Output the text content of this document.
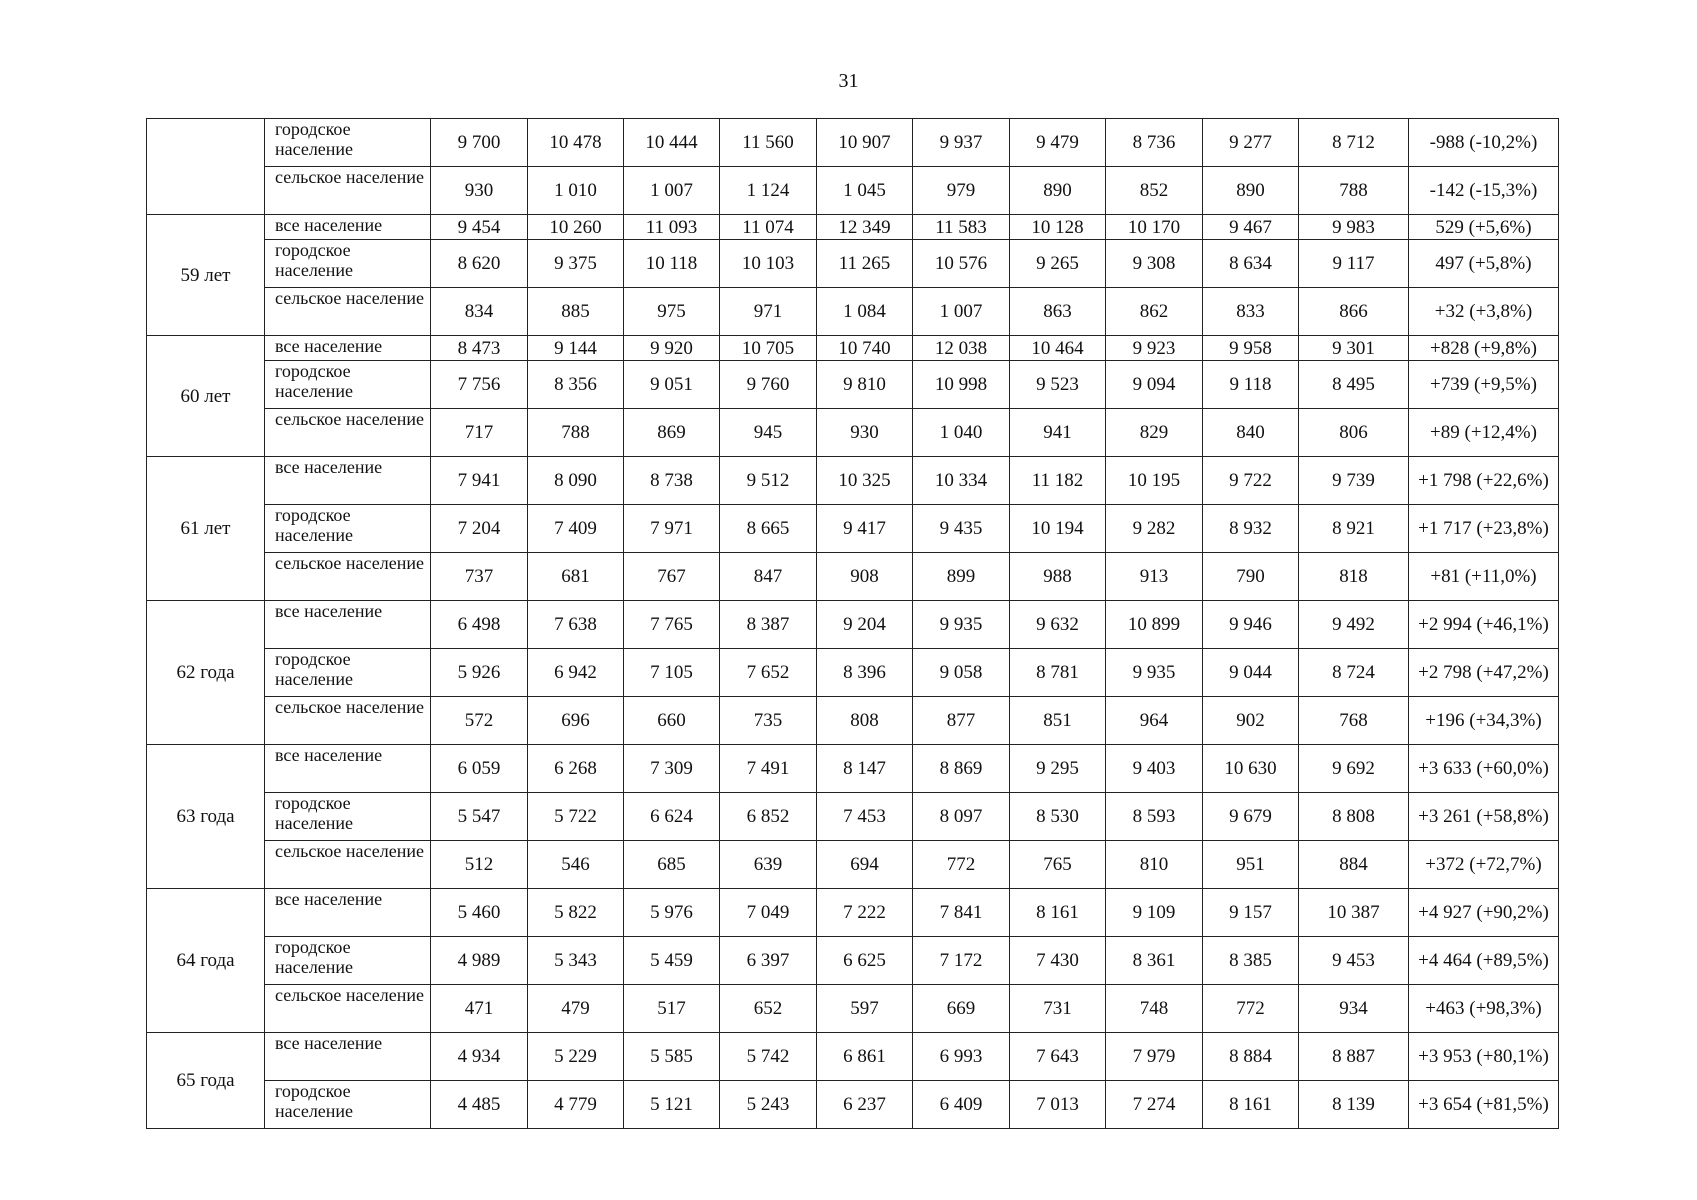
31
	городское население	9 700	10 478	10 444	11 560	10 907	9 937	9 479	8 736	9 277	8 712	-988 (-10,2%)
	сельское население	930	1 010	1 007	1 124	1 045	979	890	852	890	788	-142 (-15,3%)
59 лет	все население	9 454	10 260	11 093	11 074	12 349	11 583	10 128	10 170	9 467	9 983	529 (+5,6%)
	городское население	8 620	9 375	10 118	10 103	11 265	10 576	9 265	9 308	8 634	9 117	497 (+5,8%)
	сельское население	834	885	975	971	1 084	1 007	863	862	833	866	+32 (+3,8%)
60 лет	все население	8 473	9 144	9 920	10 705	10 740	12 038	10 464	9 923	9 958	9 301	+828 (+9,8%)
	городское население	7 756	8 356	9 051	9 760	9 810	10 998	9 523	9 094	9 118	8 495	+739 (+9,5%)
	сельское население	717	788	869	945	930	1 040	941	829	840	806	+89 (+12,4%)
61 лет	все население	7 941	8 090	8 738	9 512	10 325	10 334	11 182	10 195	9 722	9 739	+1 798 (+22,6%)
	городское население	7 204	7 409	7 971	8 665	9 417	9 435	10 194	9 282	8 932	8 921	+1 717 (+23,8%)
	сельское население	737	681	767	847	908	899	988	913	790	818	+81 (+11,0%)
62 года	все население	6 498	7 638	7 765	8 387	9 204	9 935	9 632	10 899	9 946	9 492	+2 994 (+46,1%)
	городское население	5 926	6 942	7 105	7 652	8 396	9 058	8 781	9 935	9 044	8 724	+2 798 (+47,2%)
	сельское население	572	696	660	735	808	877	851	964	902	768	+196 (+34,3%)
63 года	все население	6 059	6 268	7 309	7 491	8 147	8 869	9 295	9 403	10 630	9 692	+3 633 (+60,0%)
	городское население	5 547	5 722	6 624	6 852	7 453	8 097	8 530	8 593	9 679	8 808	+3 261 (+58,8%)
	сельское население	512	546	685	639	694	772	765	810	951	884	+372 (+72,7%)
64 года	все население	5 460	5 822	5 976	7 049	7 222	7 841	8 161	9 109	9 157	10 387	+4 927 (+90,2%)
	городское население	4 989	5 343	5 459	6 397	6 625	7 172	7 430	8 361	8 385	9 453	+4 464 (+89,5%)
	сельское население	471	479	517	652	597	669	731	748	772	934	+463 (+98,3%)
65 года	все население	4 934	5 229	5 585	5 742	6 861	6 993	7 643	7 979	8 884	8 887	+3 953 (+80,1%)
	городское население	4 485	4 779	5 121	5 243	6 237	6 409	7 013	7 274	8 161	8 139	+3 654 (+81,5%)
